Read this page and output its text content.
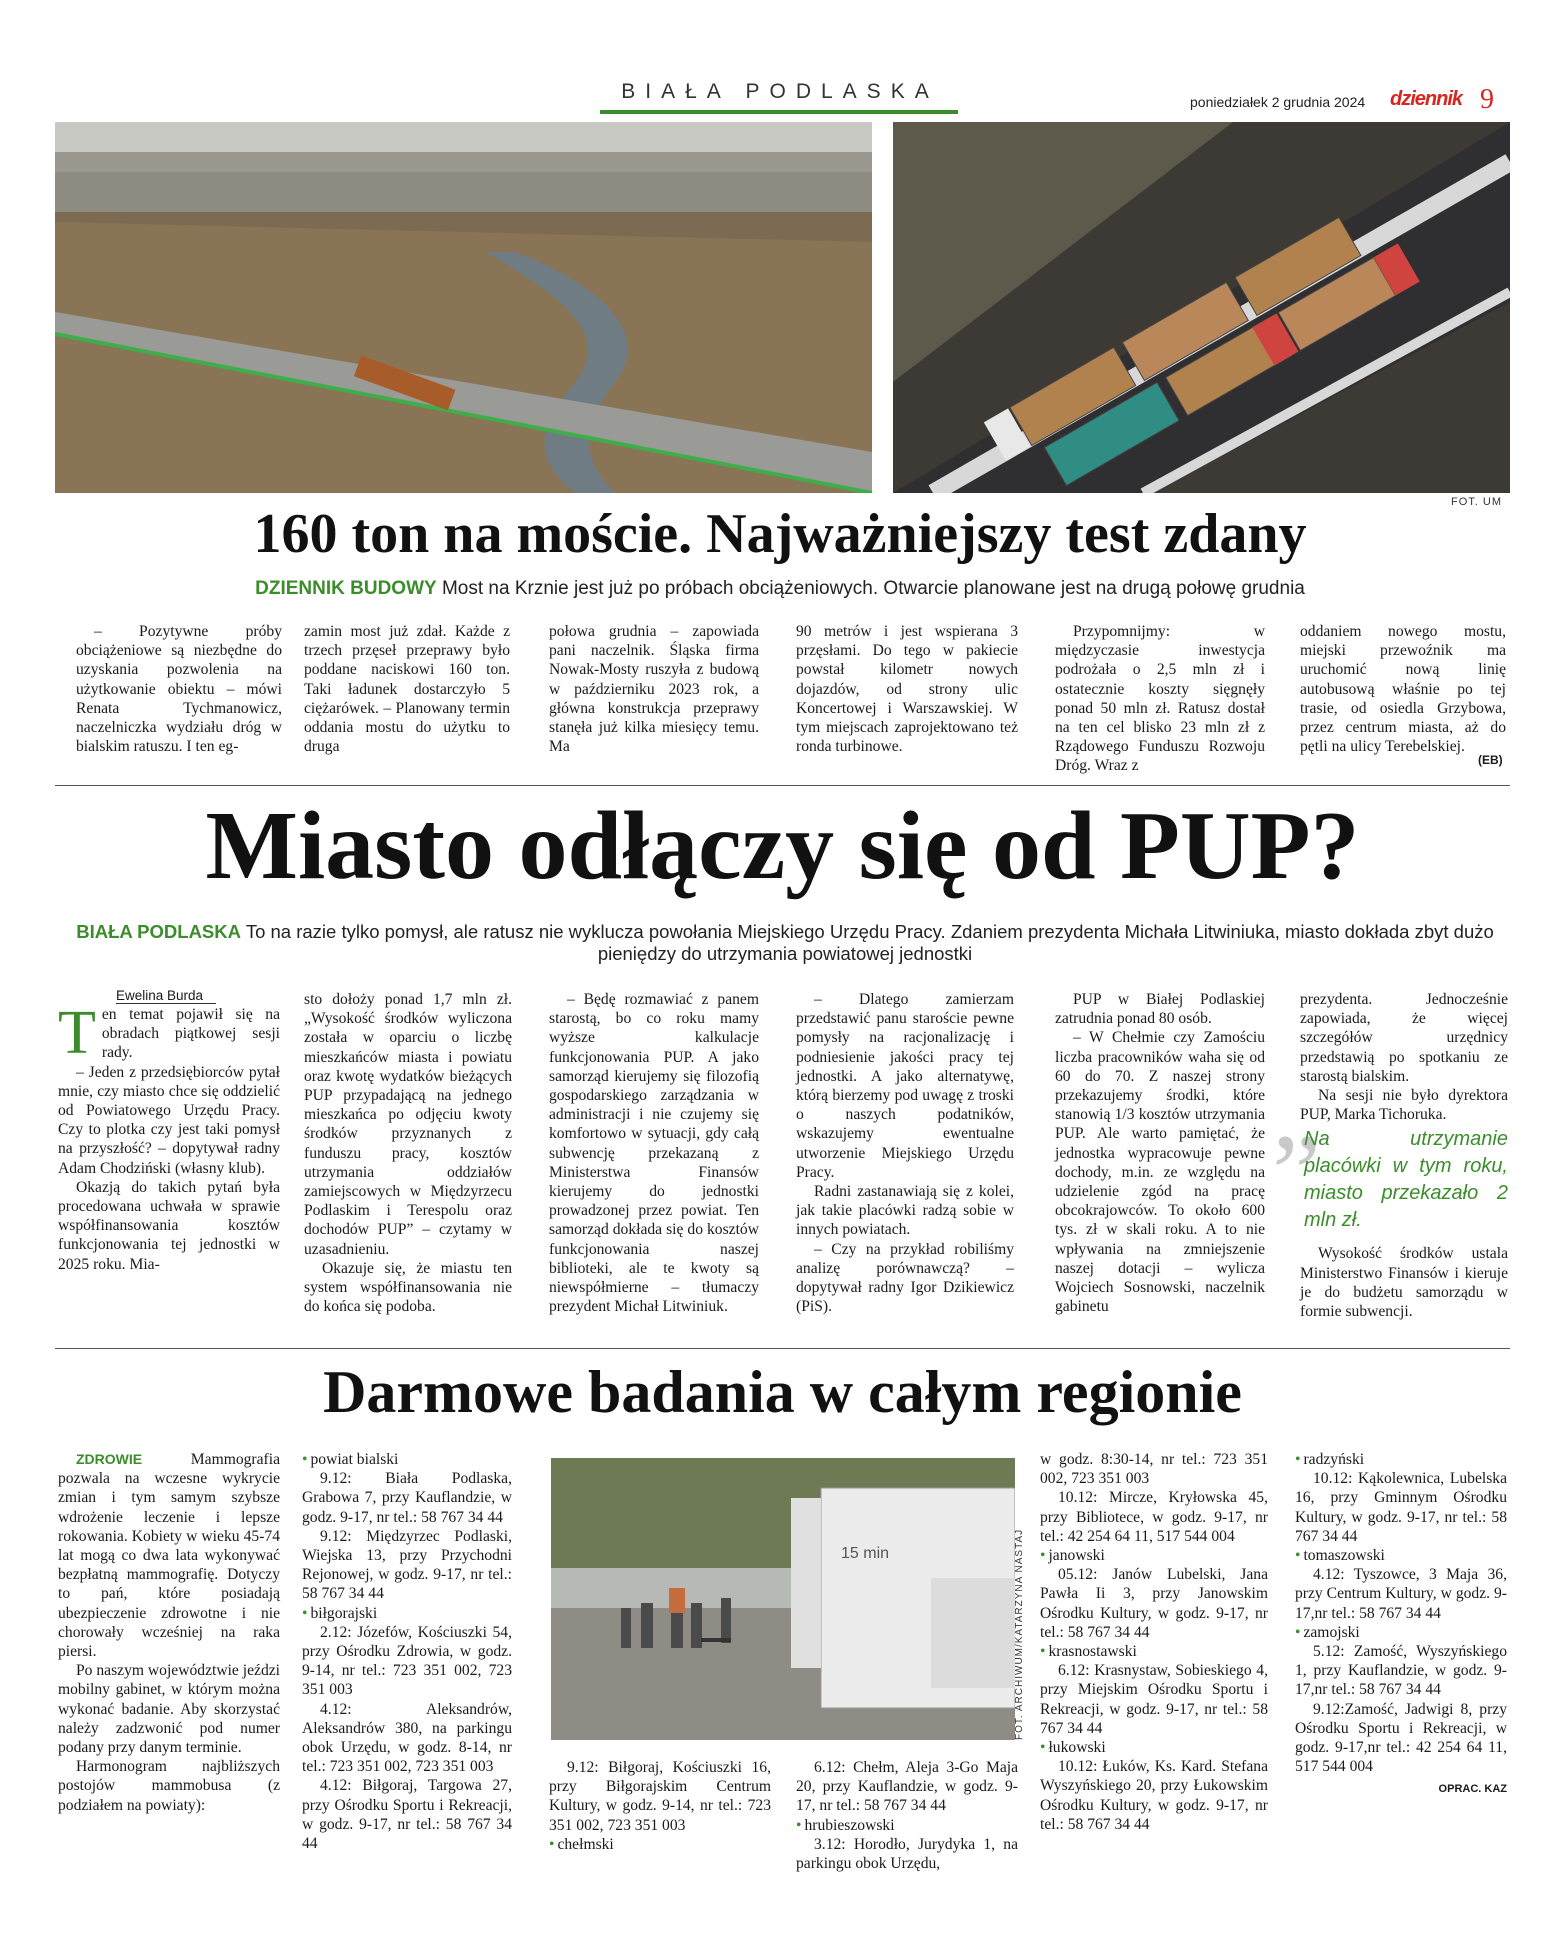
BIAŁA PODLASKA	poniedziałek 2 grudnia 2024 dziennik 9
FOT. UM
160 ton na moście. Najważniejszy test zdany
DZIENNIK BUDOWY Most na Krznie jest już po próbach obciążeniowych. Otwarcie planowane jest na drugą połowę grudnia

– Pozytywne próby obciążeniowe są niezbędne do uzyskania pozwolenia na użytkowanie obiektu – mówi Renata Tychmanowicz, naczelniczka wydziału dróg w bialskim ratuszu. I ten eg-

zamin most już zdał. Każde z trzech przęseł przeprawy było poddane naciskowi 160 ton. Taki ładunek dostarczyło 5 ciężarówek. – Planowany termin oddania mostu do użytku to druga

połowa grudnia – zapowiada pani naczelnik. Śląska firma Nowak-Mosty ruszyła z budową w październiku 2023 rok, a główna konstrukcja przeprawy stanęła już kilka miesięcy temu. Ma

90 metrów i jest wspierana 3 przęsłami. Do tego w pakiecie powstał kilometr nowych dojazdów, od strony ulic Koncertowej i Warszawskiej. W tym miejscach zaprojektowano też ronda turbinowe.

Przypomnijmy: w międzyczasie inwestycja podrożała o 2,5 mln zł i ostatecznie koszty sięgnęły ponad 50 mln zł. Ratusz dostał na ten cel blisko 23 mln zł z Rządowego Funduszu Rozwoju Dróg. Wraz z

oddaniem nowego mostu, miejski przewoźnik ma uruchomić nową linię autobusową właśnie po tej trasie, od osiedla Grzybowa, przez centrum miasta, aż do pętli na ulicy Terebelskiej.

(EB)
Miasto odłączy się od PUP?
BIAŁA PODLASKA To na razie tylko pomysł, ale ratusz nie wyklucza powołania Miejskiego Urzędu Pracy. Zdaniem prezydenta Michała Litwiniuka, miasto dokłada zbyt dużo pieniędzy do utrzymania powiatowej jednostki
Ewelina Burda

Ten temat pojawił się na obradach piątkowej sesji rady.

– Jeden z przedsiębiorców pytał mnie, czy miasto chce się oddzielić od Powiatowego Urzędu Pracy. Czy to plotka czy jest taki pomysł na przyszłość? – dopytywał radny Adam Chodziński (własny klub).

Okazją do takich pytań była procedowana uchwała w sprawie współfinansowania kosztów funkcjonowania tej jednostki w 2025 roku. Mia-

sto dołoży ponad 1,7 mln zł. „Wysokość środków wyliczona została w oparciu o liczbę mieszkańców miasta i powiatu oraz kwotę wydatków bieżących PUP przypadającą na jednego mieszkańca po odjęciu kwoty środków przyznanych z funduszu pracy, kosztów utrzymania oddziałów zamiejscowych w Międzyrzecu Podlaskim i Terespolu oraz dochodów PUP” – czytamy w uzasadnieniu.

Okazuje się, że miastu ten system współfinansowania nie do końca się podoba.

– Będę rozmawiać z panem starostą, bo co roku mamy wyższe kalkulacje funkcjonowania PUP. A jako samorząd kierujemy się filozofią gospodarskiego zarządzania w administracji i nie czujemy się komfortowo w sytuacji, gdy całą subwencję przekazaną z Ministerstwa Finansów kierujemy do jednostki prowadzonej przez powiat. Ten samorząd dokłada się do kosztów funkcjonowania naszej biblioteki, ale te kwoty są niewspółmierne – tłumaczy prezydent Michał Litwiniuk.

– Dlatego zamierzam przedstawić panu staroście pewne pomysły na racjonalizację i podniesienie jakości pracy tej jednostki. A jako alternatywę, którą bierzemy pod uwagę z troski o naszych podatników, wskazujemy ewentualne utworzenie Miejskiego Urzędu Pracy.

Radni zastanawiają się z kolei, jak takie placówki radzą sobie w innych powiatach.

– Czy na przykład robiliśmy analizę porównawczą? – dopytywał radny Igor Dzikiewicz (PiS).

PUP w Białej Podlaskiej zatrudnia ponad 80 osób.

– W Chełmie czy Zamościu liczba pracowników waha się od 60 do 70. Z naszej strony przekazujemy środki, które stanowią 1/3 kosztów utrzymania PUP. Ale warto pamiętać, że jednostka wypracowuje pewne dochody, m.in. ze względu na udzielenie zgód na pracę obcokrajowców. To około 600 tys. zł w skali roku. A to nie wpływania na zmniejszenie naszej dotacji – wylicza Wojciech Sosnowski, naczelnik gabinetu

prezydenta. Jednocześnie zapowiada, że więcej szczegółów urzędnicy przedstawią po spotkaniu ze starostą bialskim.

Na sesji nie było dyrektora PUP, Marka Tichoruka.

”
Na utrzymanie placówki w tym roku, miasto przekazało 2 mln zł.

Wysokość środków ustala Ministerstwo Finansów i kieruje je do budżetu samorządu w formie subwencji.

Darmowe badania w całym regionie

ZDROWIE	Mammografia pozwala na wczesne wykrycie zmian i tym samym szybsze wdrożenie leczenie i lepsze rokowania. Kobiety w wieku 45-74 lat mogą co dwa lata wykonywać bezpłatną mammografię. Dotyczy to pań, które posiadają ubezpieczenie zdrowotne i nie chorowały wcześniej na raka piersi.

Po naszym województwie jeździ mobilny gabinet, w którym można wykonać badanie. Aby skorzystać należy zadzwonić pod numer podany przy danym terminie.

Harmonogram najbliższych postojów mammobusa (z podziałem na powiaty):

• powiat bialski

9.12: Biała Podlaska, Grabowa 7, przy Kauflandzie, w godz. 9-17, nr tel.: 58 767 34 44

9.12: Międzyrzec Podlaski, Wiejska 13, przy Przychodni Rejonowej, w godz. 9-17, nr tel.: 58 767 34 44

• biłgorajski

2.12: Józefów, Kościuszki 54, przy Ośrodku Zdrowia, w godz. 9-14, nr tel.: 723 351 002, 723 351 003

4.12: Aleksandrów, Aleksandrów 380, na parkingu obok Urzędu, w godz. 8-14, nr tel.: 723 351 002, 723 351 003

4.12: Biłgoraj, Targowa 27, przy Ośrodku Sportu i Rekreacji, w godz. 9-17, nr tel.: 58 767 34 44

15 min	FOT. ARCHIWUM/KATARZYNA NASTAJ

9.12: Biłgoraj, Kościuszki 16, przy Biłgorajskim Centrum Kultury, w godz. 9-14, nr tel.: 723 351 002, 723 351 003

• chełmski

6.12: Chełm, Aleja 3-Go Maja 20, przy Kauflandzie, w godz. 9-17, nr tel.: 58 767 34 44

• hrubieszowski

3.12: Horodło, Jurydyka 1, na parkingu obok Urzędu,

w godz. 8:30-14, nr tel.: 723 351 002, 723 351 003

10.12: Mircze, Kryłowska 45, przy Bibliotece, w godz. 9-17, nr tel.: 42 254 64 11, 517 544 004

• janowski

05.12: Janów Lubelski, Jana Pawła Ii 3, przy Janowskim Ośrodku Kultury, w godz. 9-17, nr tel.: 58 767 34 44

• krasnostawski

6.12: Krasnystaw, Sobieskiego 4, przy Miejskim Ośrodku Sportu i Rekreacji, w godz. 9-17, nr tel.: 58 767 34 44

• łukowski

10.12: Łuków, Ks. Kard. Stefana Wyszyńskiego 20, przy Łukowskim Ośrodku Kultury, w godz. 9-17, nr tel.: 58 767 34 44

• radzyński

10.12: Kąkolewnica, Lubelska 16, przy Gminnym Ośrodku Kultury, w godz. 9-17, nr tel.: 58 767 34 44

• tomaszowski

4.12: Tyszowce, 3 Maja 36, przy Centrum Kultury, w godz. 9-17,nr tel.: 58 767 34 44

• zamojski

5.12: Zamość, Wyszyńskiego 1, przy Kauflandzie, w godz. 9-17,nr tel.: 58 767 34 44

9.12:Zamość, Jadwigi 8, przy Ośrodku Sportu i Rekreacji, w godz. 9-17,nr tel.: 42 254 64 11, 517 544 004

OPRAC. KAZ
